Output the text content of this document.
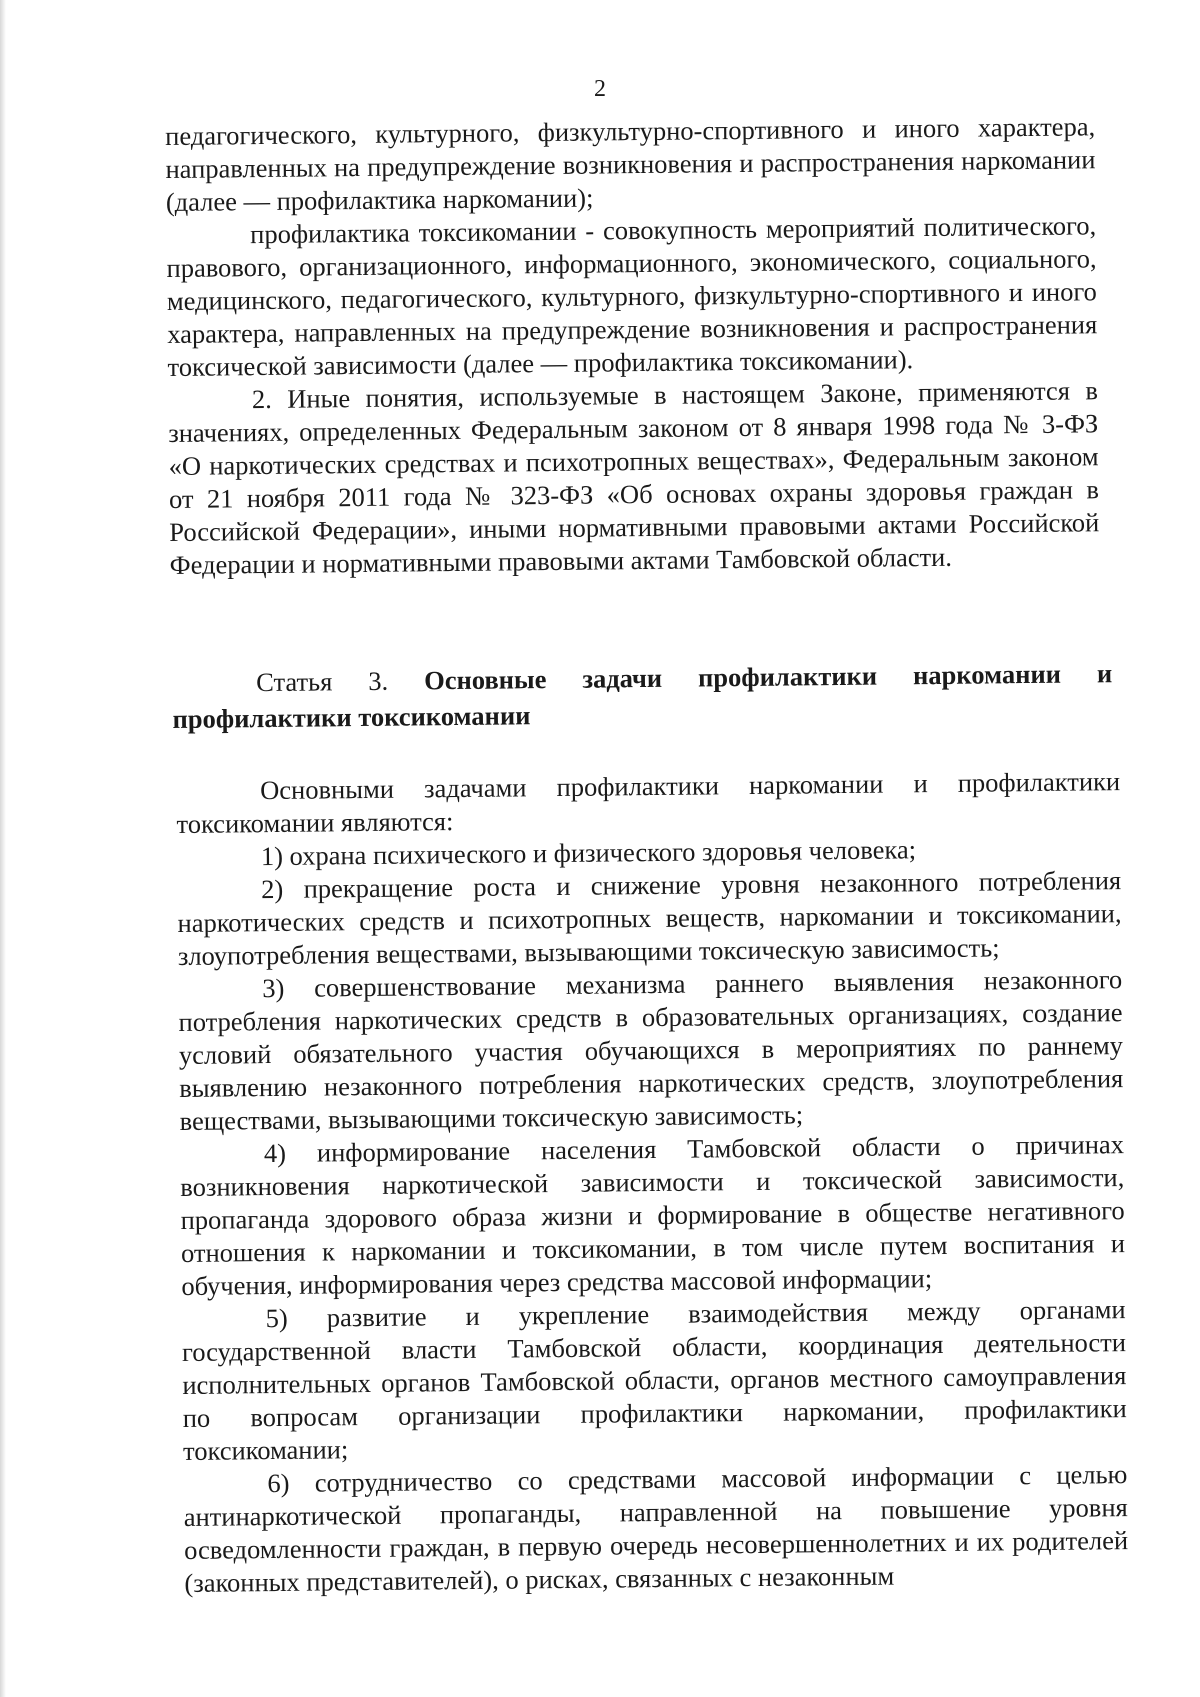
2

педагогического, культурного, физкультурно-спортивного и иного характера, направленных на предупреждение возникновения и распространения наркомании (далее — профилактика наркомании);

профилактика токсикомании - совокупность мероприятий политического, правового, организационного, информационного, экономического, социального, медицинского, педагогического, культурного, физкультурно-спортивного и иного характера, направленных на предупреждение возникновения и распространения токсической зависимости (далее — профилактика токсикомании).

2. Иные понятия, используемые в настоящем Законе, применяются в значениях, определенных Федеральным законом от 8 января 1998 года № 3-ФЗ «О наркотических средствах и психотропных веществах», Федеральным законом от 21 ноября 2011 года № 323-ФЗ «Об основах охраны здоровья граждан в Российской Федерации», иными нормативными правовыми актами Российской Федерации и нормативными правовыми актами Тамбовской области.

Статья 3. Основные задачи профилактики наркомании и профилактики токсикомании

Основными задачами профилактики наркомании и профилактики токсикомании являются:

1) охрана психического и физического здоровья человека;

2) прекращение роста и снижение уровня незаконного потребления наркотических средств и психотропных веществ, наркомании и токсикомании, злоупотребления веществами, вызывающими токсическую зависимость;

3) совершенствование механизма раннего выявления незаконного потребления наркотических средств в образовательных организациях, создание условий обязательного участия обучающихся в мероприятиях по раннему выявлению незаконного потребления наркотических средств, злоупотребления веществами, вызывающими токсическую зависимость;

4) информирование населения Тамбовской области о причинах возникновения наркотической зависимости и токсической зависимости, пропаганда здорового образа жизни и формирование в обществе негативного отношения к наркомании и токсикомании, в том числе путем воспитания и обучения, информирования через средства массовой информации;

5) развитие и укрепление взаимодействия между органами государственной власти Тамбовской области, координация деятельности исполнительных органов Тамбовской области, органов местного самоуправления по вопросам организации профилактики наркомании, профилактики токсикомании;

6) сотрудничество со средствами массовой информации с целью антинаркотической пропаганды, направленной на повышение уровня осведомленности граждан, в первую очередь несовершеннолетних и их родителей (законных представителей), о рисках, связанных с незаконным
